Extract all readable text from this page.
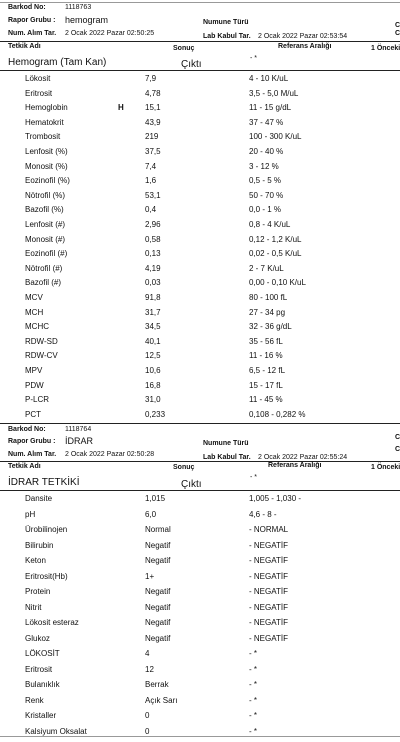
Barkod No:	1118763
Rapor Grubu : hemogram	Numune Türü
Num. Alım Tar. 2 Ocak 2022 Pazar 02:50:25	Lab Kabul Tar. 2 Ocak 2022 Pazar 02:53:54
C
C
Tetkik Adı	Sonuç	Referans Aralığı	1 Önceki
Hemogram (Tam Kan)	Çıktı
- *
Lökosit	7,9	4 - 10 K/uL
Eritrosit	4,78	3,5 - 5,0 M/uL
Hemoglobin	H	15,1	11 - 15 g/dL
Hematokrit	43,9	37 - 47 %
Trombosit	219	100 - 300 K/uL
Lenfosit (%)	37,5	20 - 40 %
Monosit (%)	7,4	3 - 12 %
Eozinofil (%)	1,6	0,5 - 5 %
Nötrofil (%)	53,1	50 - 70 %
Bazofil (%)	0,4	0,0 - 1 %
Lenfosit (#)	2,96	0,8 - 4 K/uL
Monosit (#)	0,58	0,12 - 1,2 K/uL
Eozinofil (#)	0,13	0,02 - 0,5 K/uL
Nötrofil (#)	4,19	2 - 7 K/uL
Bazofil (#)	0,03	0,00 - 0,10 K/uL
MCV	91,8	80 - 100 fL
MCH	31,7	27 - 34 pg
MCHC	34,5	32 - 36 g/dL
RDW-SD	40,1	35 - 56 fL
RDW-CV	12,5	11 - 16 %
MPV	10,6	6,5 - 12 fL
PDW	16,8	15 - 17 fL
P-LCR	31,0	11 - 45 %
PCT	0,233	0,108 - 0,282 %
Barkod No:	1118764
Rapor Grubu : İDRAR	Numune Türü
Num. Alım Tar. 2 Ocak 2022 Pazar 02:50:28	Lab Kabul Tar. 2 Ocak 2022 Pazar 02:55:24
C
C
Tetkik Adı	Sonuç	Referans Aralığı	1 Önceki
İDRAR TETKİKİ	Çıktı
- *
Dansite	1,015	1,005 - 1,030 -
pH	6,0	4,6 - 8 -
Ürobilinojen	Normal	- NORMAL
Bilirubin	Negatif	- NEGATİF
Keton	Negatif	- NEGATİF
Eritrosit(Hb)	1+	- NEGATİF
Protein	Negatif	- NEGATİF
Nitrit	Negatif	- NEGATİF
Lökosit esteraz	Negatif	- NEGATİF
Glukoz	Negatif	- NEGATİF
LÖKOSİT	4	- *
Eritrosit	12	- *
Bulanıklık	Berrak	- *
Renk	Açık Sarı	- *
Kristaller	0	- *
Kalsiyum Oksalat	0	- *
